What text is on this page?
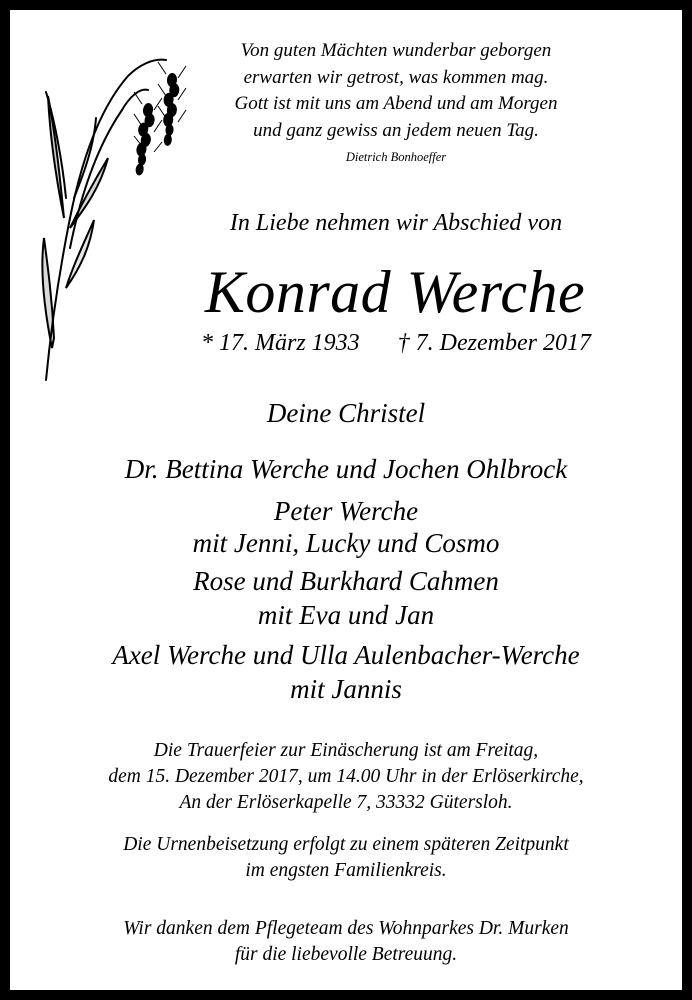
Von guten Mächten wunderbar geborgen
erwarten wir getrost, was kommen mag.
Gott ist mit uns am Abend und am Morgen
und ganz gewiss an jedem neuen Tag.
Dietrich Bonhoeffer
In Liebe nehmen wir Abschied von
Konrad Werche
* 17. März 1933 † 7. Dezember 2017
Deine Christel
Dr. Bettina Werche und Jochen Ohlbrock
Peter Werche
mit Jenni, Lucky und Cosmo
Rose und Burkhard Cahmen
mit Eva und Jan
Axel Werche und Ulla Aulenbacher-Werche
mit Jannis
Die Trauerfeier zur Einäscherung ist am Freitag,
dem 15. Dezember 2017, um 14.00 Uhr in der Erlöserkirche,
An der Erlöserkapelle 7, 33332 Gütersloh.
Die Urnenbeisetzung erfolgt zu einem späteren Zeitpunkt
im engsten Familienkreis.
Wir danken dem Pflegeteam des Wohnparkes Dr. Murken
für die liebevolle Betreuung.
